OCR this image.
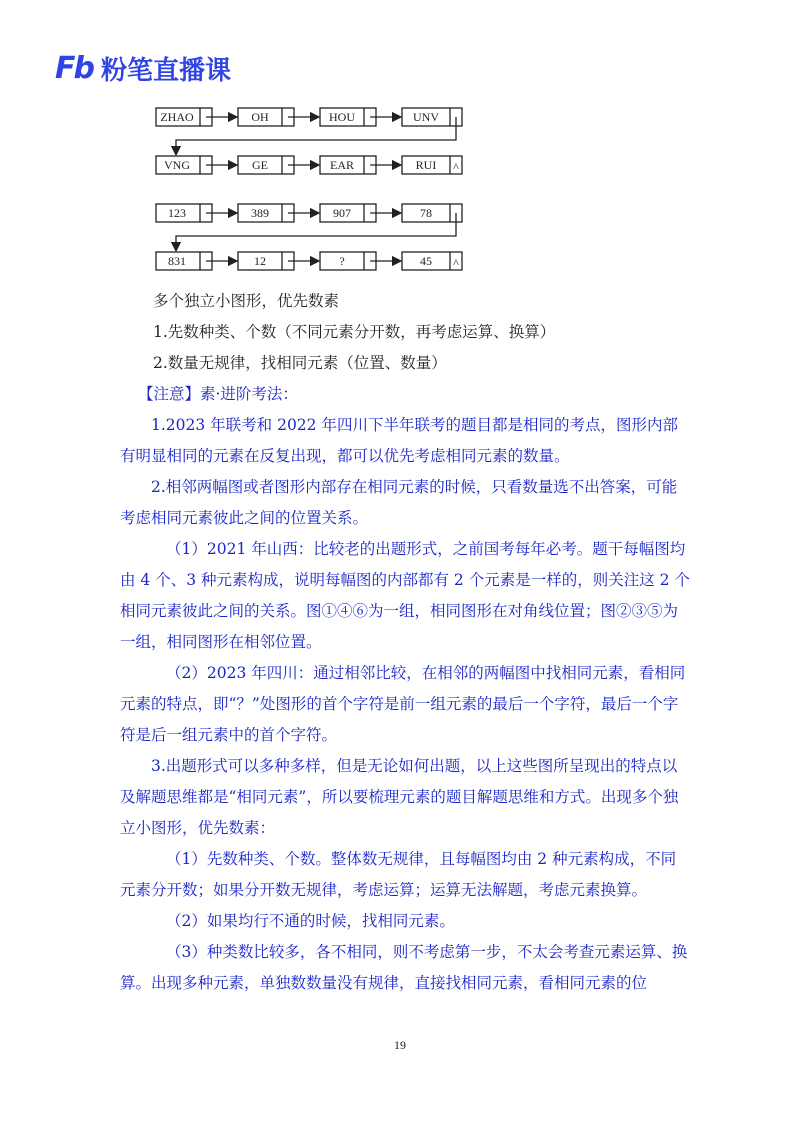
Fb 粉笔直播课
ZHAO	OH	HOU	UNV
VNG	GE	EAR	RUI ^
123	389	907	78
831	12	?	45 ^

多个独立小图形，优先数素

1.先数种类、个数（不同元素分开数，再考虑运算、换算）

2.数量无规律，找相同元素（位置、数量）

【注意】素·进阶考法：

1.2023 年联考和 2022 年四川下半年联考的题目都是相同的考点，图形内部有明显相同的元素在反复出现，都可以优先考虑相同元素的数量。

2.相邻两幅图或者图形内部存在相同元素的时候，只看数量选不出答案，可能考虑相同元素彼此之间的位置关系。

（1）2021 年山西：比较老的出题形式，之前国考每年必考。题干每幅图均由 4 个、3 种元素构成，说明每幅图的内部都有 2 个元素是一样的，则关注这 2 个相同元素彼此之间的关系。图①④⑥为一组，相同图形在对角线位置；图②③⑤为一组，相同图形在相邻位置。

（2）2023 年四川：通过相邻比较，在相邻的两幅图中找相同元素，看相同元素的特点，即“？”处图形的首个字符是前一组元素的最后一个字符，最后一个字符是后一组元素中的首个字符。

3.出题形式可以多种多样，但是无论如何出题，以上这些图所呈现出的特点以及解题思维都是“相同元素”，所以要梳理元素的题目解题思维和方式。出现多个独立小图形，优先数素：

（1）先数种类、个数。整体数无规律，且每幅图均由 2 种元素构成，不同元素分开数；如果分开数无规律，考虑运算；运算无法解题，考虑元素换算。

（2）如果均行不通的时候，找相同元素。

（3）种类数比较多，各不相同，则不考虑第一步，不太会考查元素运算、换算。出现多种元素，单独数数量没有规律，直接找相同元素，看相同元素的位

19
